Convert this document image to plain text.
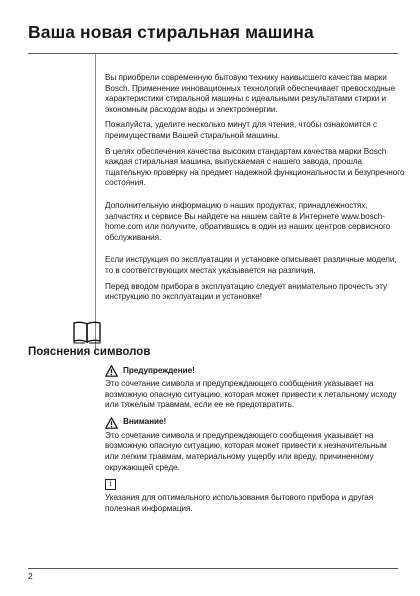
Ваша новая стиральная машина

Вы приобрели современную бытовую технику наивысшего качества марки Bosch. Применение инновационных технологий обеспечивает превосходные характеристики стиральной машины с идеальными результатами стирки и экономным расходом воды и электроэнергии.

Пожалуйста, уделите несколько минут для чтения, чтобы ознакомится с преимуществами Вашей стиральной машины.

В целях обеспечения качества высоким стандартам качества марки Bosch каждая стиральная машина, выпускаемая с нашего завода, прошла тщательную проверку на предмет надежной функциональности и безупречного состояния.

Дополнительную информацию о наших продуктах, принадлежностях, запчастях и сервисе Вы найдете на нашем сайте в Интернете www.bosch-home.com или получите, обратившись в один из наших центров сервисного обслуживания.

Если инструкция по эксплуатации и установке описывает различные модели, то в соответствующих местах указывается на различия.

Перед вводом прибора в эксплуатацию следует внимательно прочесть эту инструкцию по эксплуатации и установке!

Пояснения символов
Предупреждение!

Это сочетание символа и предупреждающего сообщения указывает на возможную опасную ситуацию, которая может привести к летальному исходу или тяжелым травмам, если ее не предотвратить.

Внимание!

Это сочетание символа и предупреждающего сообщения указывает на возможную опасную ситуацию, которая может привести к незначительным или легким травмам, материальному ущербу или вреду, причиненному окружающей среде.

i

Указания для оптимального использования бытового прибора и другая полезная информация.

2
